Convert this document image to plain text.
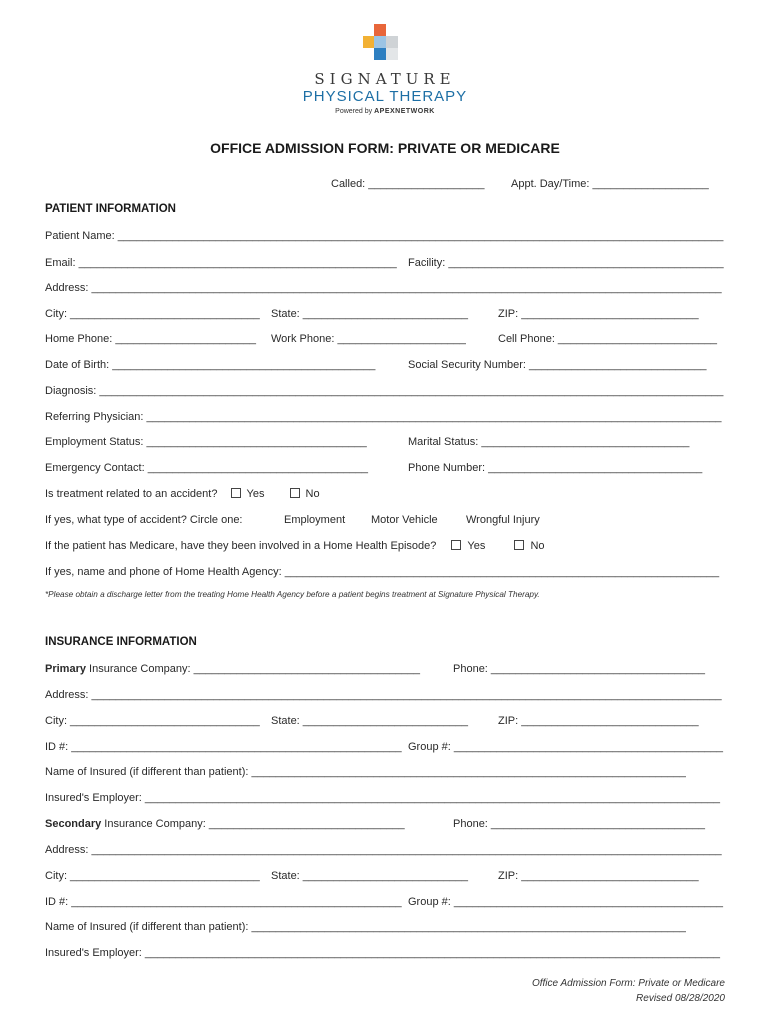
SIGNATURE
PHYSICAL THERAPY
Powered by APEXNETWORK
OFFICE ADMISSION FORM: PRIVATE OR MEDICARE
Called: ___________________ Appt. Day/Time: ___________________
PATIENT INFORMATION
Patient Name: ___________________________________________________________________________________________________
Email: ____________________________________________________ Facility: _____________________________________________
Address: _______________________________________________________________________________________________________
City: _______________________________ State: ___________________________	ZIP: _____________________________
Home Phone: _______________________ Work Phone: _____________________	Cell Phone: __________________________
Date of Birth: ___________________________________________	Social Security Number: _____________________________
Diagnosis: ______________________________________________________________________________________________________
Referring Physician: ______________________________________________________________________________________________
Employment Status: ____________________________________	Marital Status: __________________________________
Emergency Contact: ____________________________________	Phone Number: ___________________________________
Is treatment related to an accident?	Yes	No
If yes, what type of accident? Circle one:	Employment Motor Vehicle	Wrongful Injury
If the patient has Medicare, have they been involved in a Home Health Episode?	Yes	No
If yes, name and phone of Home Health Agency: _______________________________________________________________________
*Please obtain a discharge letter from the treating Home Health Agency before a patient begins treatment at Signature Physical Therapy.
INSURANCE INFORMATION
Primary Insurance Company: _____________________________________	Phone: ___________________________________
Address: _______________________________________________________________________________________________________
City: _______________________________ State: ___________________________	ZIP: _____________________________
ID #: ______________________________________________________ Group #: ____________________________________________
Name of Insured (if different than patient): _______________________________________________________________________
Insured's Employer: ______________________________________________________________________________________________
Secondary Insurance Company: ________________________________	Phone: ___________________________________
Address: _______________________________________________________________________________________________________
City: _______________________________ State: ___________________________	ZIP: _____________________________
ID #: ______________________________________________________ Group #: ____________________________________________
Name of Insured (if different than patient): _______________________________________________________________________
Insured's Employer: ______________________________________________________________________________________________
Office Admission Form: Private or Medicare
Revised 08/28/2020
